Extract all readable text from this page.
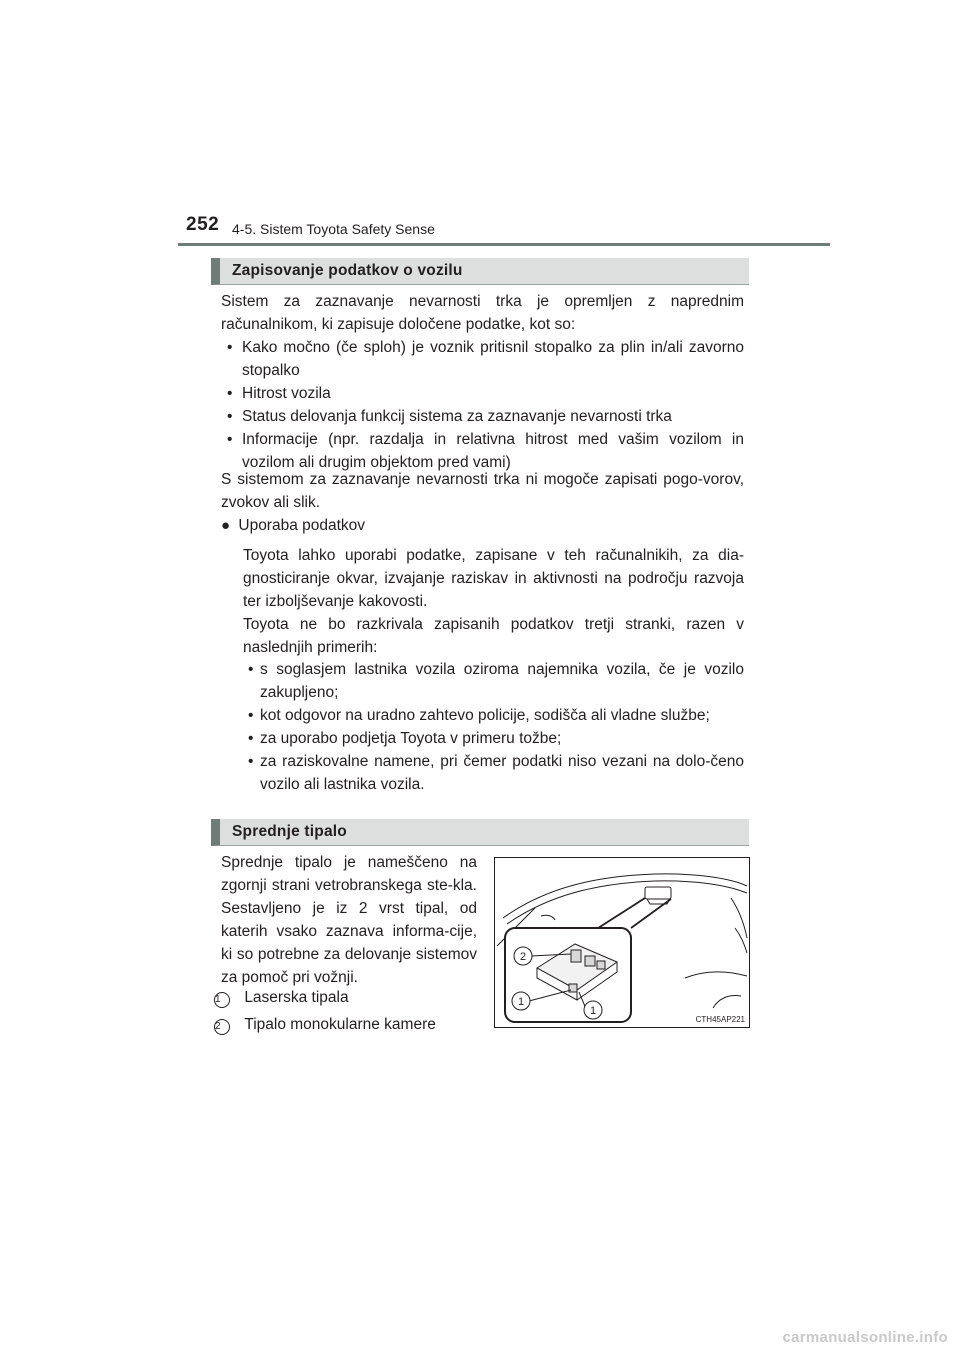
252 4-5. Sistem Toyota Safety Sense
Zapisovanje podatkov o vozilu
Sistem za zaznavanje nevarnosti trka je opremljen z naprednim računalnikom, ki zapisuje določene podatke, kot so:
• Kako močno (če sploh) je voznik pritisnil stopalko za plin in/ali zavorno stopalko
• Hitrost vozila
• Status delovanja funkcij sistema za zaznavanje nevarnosti trka
• Informacije (npr. razdalja in relativna hitrost med vašim vozilom in vozilom ali drugim objektom pred vami)
S sistemom za zaznavanje nevarnosti trka ni mogoče zapisati pogo-vorov, zvokov ali slik.
● Uporaba podatkov
Toyota lahko uporabi podatke, zapisane v teh računalnikih, za dia-gnosticiranje okvar, izvajanje raziskav in aktivnosti na področju razvoja ter izboljševanje kakovosti.
Toyota ne bo razkrivala zapisanih podatkov tretji stranki, razen v naslednjih primerih:
• s soglasjem lastnika vozila oziroma najemnika vozila, če je vozilo zakupljeno;
• kot odgovor na uradno zahtevo policije, sodišča ali vladne službe;
• za uporabo podjetja Toyota v primeru tožbe;
• za raziskovalne namene, pri čemer podatki niso vezani na dolo-čeno vozilo ali lastnika vozila.
Sprednje tipalo
Sprednje tipalo je nameščeno na zgornji strani vetrobranskega ste-kla. Sestavljeno je iz 2 vrst tipal, od katerih vsako zaznava informa-cije, ki so potrebne za delovanje sistemov za pomoč pri vožnji.
1 Laserska tipala
2 Tipalo monokularne kamere
2
1
1
CTH45AP221
carmanualsonline.info
